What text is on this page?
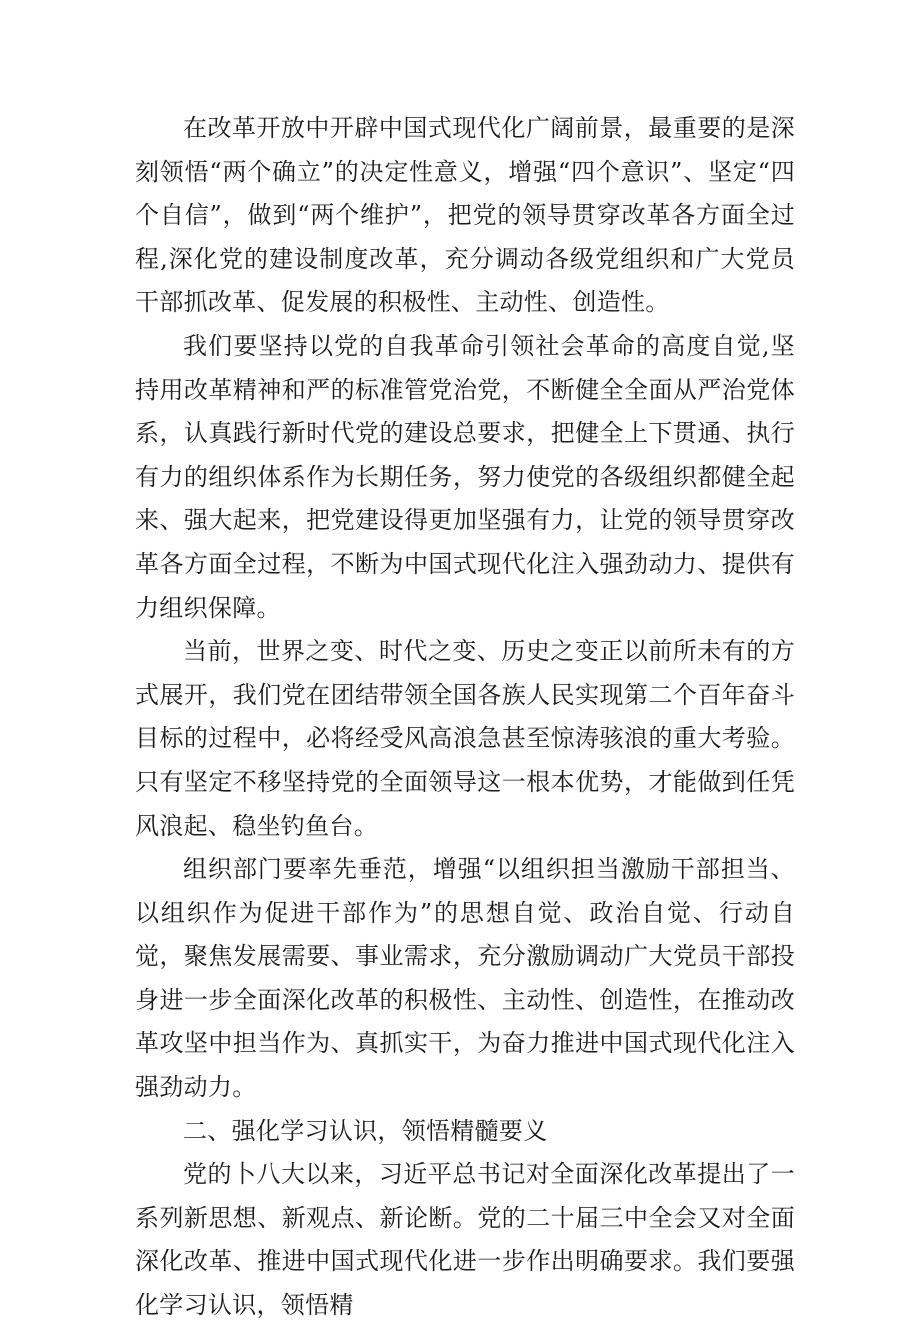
在改革开放中开辟中国式现代化广阔前景，最重要的是深刻领悟“两个确立”的决定性意义，增强“四个意识”、坚定“四个自信”，做到“两个维护”，把党的领导贯穿改革各方面全过程,深化党的建设制度改革，充分调动各级党组织和广大党员干部抓改革、促发展的积极性、主动性、创造性。

我们要坚持以党的自我革命引领社会革命的高度自觉,坚持用改革精神和严的标准管党治党，不断健全全面从严治党体系，认真践行新时代党的建设总要求，把健全上下贯通、执行有力的组织体系作为长期任务，努力使党的各级组织都健全起来、强大起来，把党建设得更加坚强有力，让党的领导贯穿改革各方面全过程，不断为中国式现代化注入强劲动力、提供有力组织保障。

当前，世界之变、时代之变、历史之变正以前所未有的方式展开，我们党在团结带领全国各族人民实现第二个百年奋斗目标的过程中，必将经受风高浪急甚至惊涛骇浪的重大考验。只有坚定不移坚持党的全面领导这一根本优势，才能做到任凭风浪起、稳坐钓鱼台。

组织部门要率先垂范，增强“以组织担当激励干部担当、以组织作为促进干部作为”的思想自觉、政治自觉、行动自觉，聚焦发展需要、事业需求，充分激励调动广大党员干部投身进一步全面深化改革的积极性、主动性、创造性，在推动改革攻坚中担当作为、真抓实干，为奋力推进中国式现代化注入强劲动力。

二、强化学习认识，领悟精髓要义

党的卜八大以来，习近平总书记对全面深化改革提出了一系列新思想、新观点、新论断。党的二十届三中全会又对全面深化改革、推进中国式现代化进一步作出明确要求。我们要强化学习认识，领悟精
